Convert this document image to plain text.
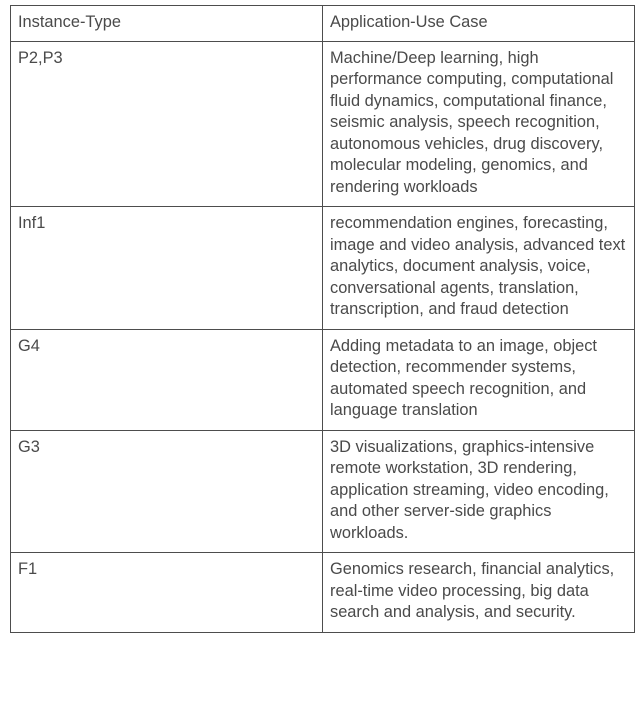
Instance-Type	Application-Use Case
P2,P3	Machine/Deep learning, high performance computing, computational fluid dynamics, computational finance, seismic analysis, speech recognition, autonomous vehicles, drug discovery, molecular modeling, genomics, and rendering workloads
Inf1	recommendation engines, forecasting, image and video analysis, advanced text analytics, document analysis, voice, conversational agents, translation, transcription, and fraud detection
G4	Adding metadata to an image, object detection, recommender systems, automated speech recognition, and language translation
G3	3D visualizations, graphics-intensive remote workstation, 3D rendering, application streaming, video encoding, and other server-side graphics workloads.
F1	Genomics research, financial analytics, real-time video processing, big data search and analysis, and security.
